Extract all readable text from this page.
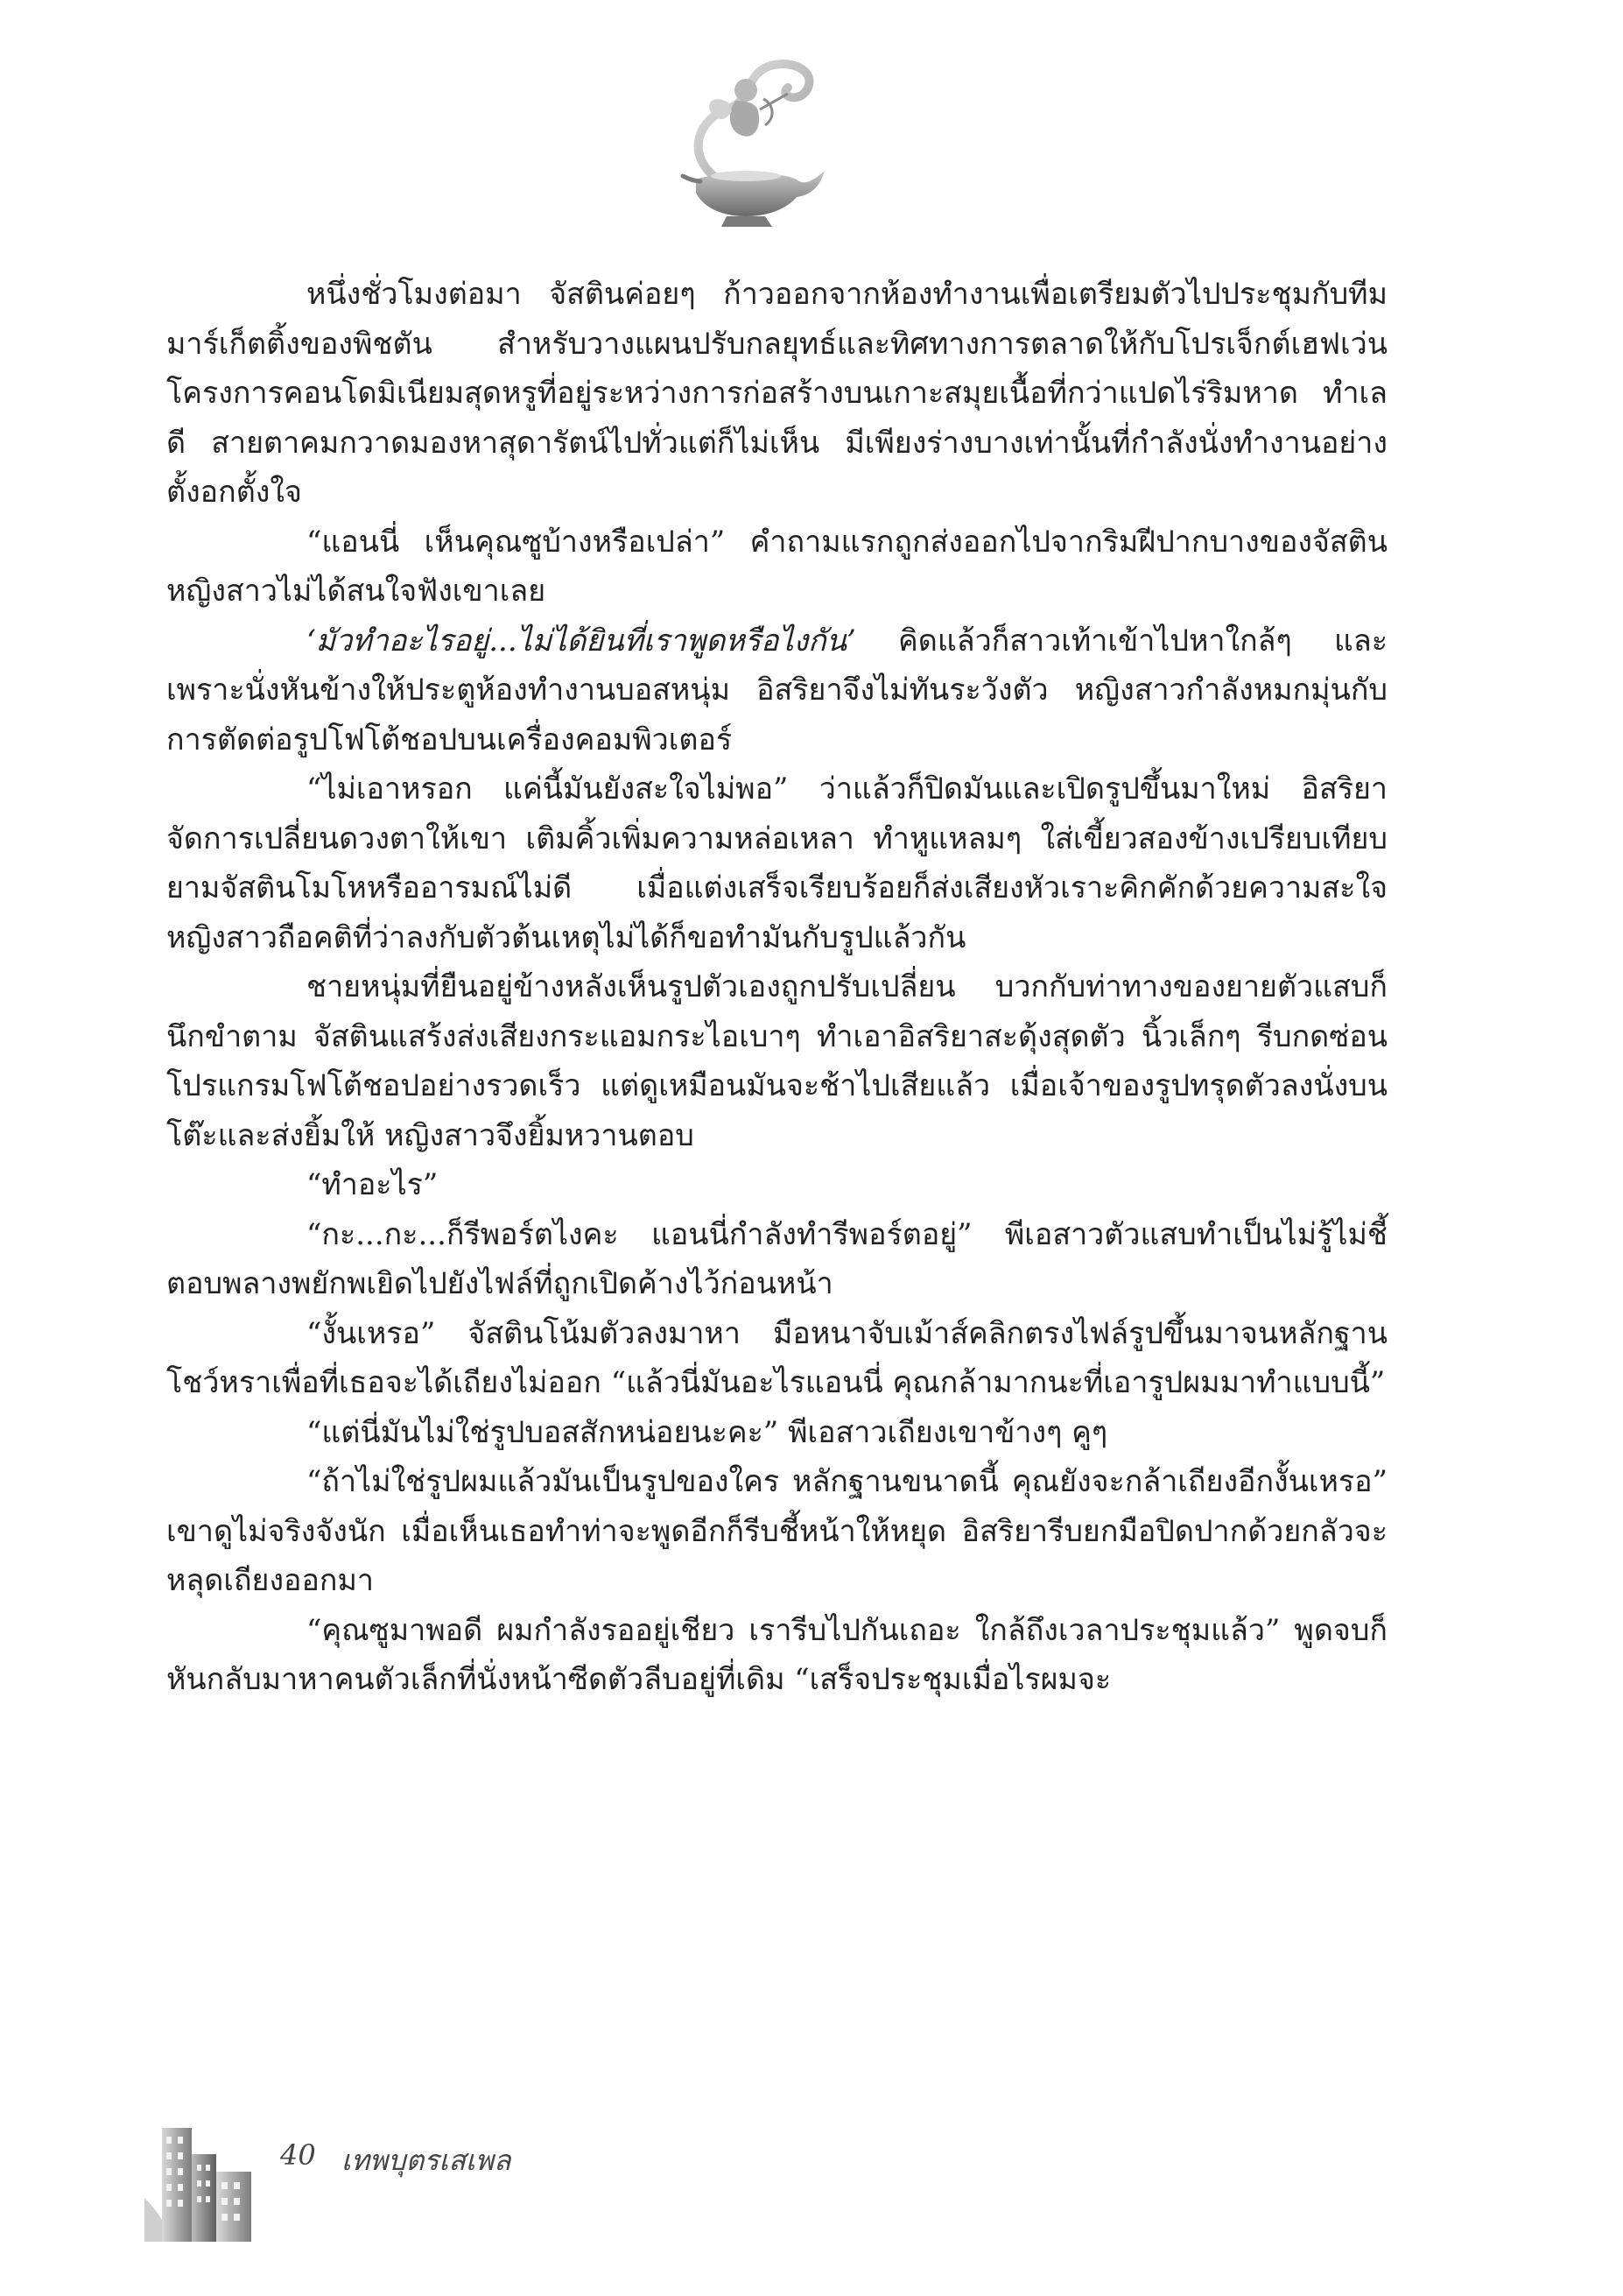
หนึ่งชั่วโมงต่อมา จัสตินค่อยๆ ก้าวออกจากห้องทำงานเพื่อเตรียมตัวไปประชุมกับทีมมาร์เก็ตติ้งของพิชตัน สำหรับวางแผนปรับกลยุทธ์และทิศทางการตลาดให้กับโปรเจ็กต์เฮฟเว่น โครงการคอนโดมิเนียมสุดหรูที่อยู่ระหว่างการก่อสร้างบนเกาะสมุยเนื้อที่กว่าแปดไร่ริมหาด ทำเลดี สายตาคมกวาดมองหาสุดารัตน์ไปทั่วแต่ก็ไม่เห็น มีเพียงร่างบางเท่านั้นที่กำลังนั่งทำงานอย่างตั้งอกตั้งใจ

“แอนนี่ เห็นคุณซูบ้างหรือเปล่า” คำถามแรกถูกส่งออกไปจากริมฝีปากบางของจัสติน หญิงสาวไม่ได้สนใจฟังเขาเลย

‘มัวทำอะไรอยู่...ไม่ได้ยินที่เราพูดหรือไงกัน’ คิดแล้วก็สาวเท้าเข้าไปหาใกล้ๆ และเพราะนั่งหันข้างให้ประตูห้องทำงานบอสหนุ่ม อิสริยาจึงไม่ทันระวังตัว หญิงสาวกำลังหมกมุ่นกับการตัดต่อรูปโฟโต้ชอปบนเครื่องคอมพิวเตอร์

“ไม่เอาหรอก แค่นี้มันยังสะใจไม่พอ” ว่าแล้วก็ปิดมันและเปิดรูปขึ้นมาใหม่ อิสริยาจัดการเปลี่ยนดวงตาให้เขา เติมคิ้วเพิ่มความหล่อเหลา ทำหูแหลมๆ ใส่เขี้ยวสองข้างเปรียบเทียบยามจัสตินโมโหหรืออารมณ์ไม่ดี เมื่อแต่งเสร็จเรียบร้อยก็ส่งเสียงหัวเราะคิกคักด้วยความสะใจ หญิงสาวถือคติที่ว่าลงกับตัวต้นเหตุไม่ได้ก็ขอทำมันกับรูปแล้วกัน

ชายหนุ่มที่ยืนอยู่ข้างหลังเห็นรูปตัวเองถูกปรับเปลี่ยน บวกกับท่าทางของยายตัวแสบก็นึกขำตาม จัสตินแสร้งส่งเสียงกระแอมกระไอเบาๆ ทำเอาอิสริยาสะดุ้งสุดตัว นิ้วเล็กๆ รีบกดซ่อนโปรแกรมโฟโต้ชอปอย่างรวดเร็ว แต่ดูเหมือนมันจะช้าไปเสียแล้ว เมื่อเจ้าของรูปทรุดตัวลงนั่งบนโต๊ะและส่งยิ้มให้ หญิงสาวจึงยิ้มหวานตอบ

“ทำอะไร”

“กะ...กะ...ก็รีพอร์ตไงคะ แอนนี่กำลังทำรีพอร์ตอยู่” พีเอสาวตัวแสบทำเป็นไม่รู้ไม่ชี้ตอบพลางพยักพเยิดไปยังไฟล์ที่ถูกเปิดค้างไว้ก่อนหน้า

“งั้นเหรอ” จัสตินโน้มตัวลงมาหา มือหนาจับเม้าส์คลิกตรงไฟล์รูปขึ้นมาจนหลักฐานโชว์หราเพื่อที่เธอจะได้เถียงไม่ออก “แล้วนี่มันอะไรแอนนี่ คุณกล้ามากนะที่เอารูปผมมาทำแบบนี้”

“แต่นี่มันไม่ใช่รูปบอสสักหน่อยนะคะ” พีเอสาวเถียงเขาข้างๆ คูๆ

“ถ้าไม่ใช่รูปผมแล้วมันเป็นรูปของใคร หลักฐานขนาดนี้ คุณยังจะกล้าเถียงอีกงั้นเหรอ” เขาดูไม่จริงจังนัก เมื่อเห็นเธอทำท่าจะพูดอีกก็รีบชี้หน้าให้หยุด อิสริยารีบยกมือปิดปากด้วยกลัวจะหลุดเถียงออกมา

“คุณซูมาพอดี ผมกำลังรออยู่เชียว เรารีบไปกันเถอะ ใกล้ถึงเวลาประชุมแล้ว” พูดจบก็หันกลับมาหาคนตัวเล็กที่นั่งหน้าซีดตัวลีบอยู่ที่เดิม “เสร็จประชุมเมื่อไรผมจะ

40 เทพบุตรเสเพล
